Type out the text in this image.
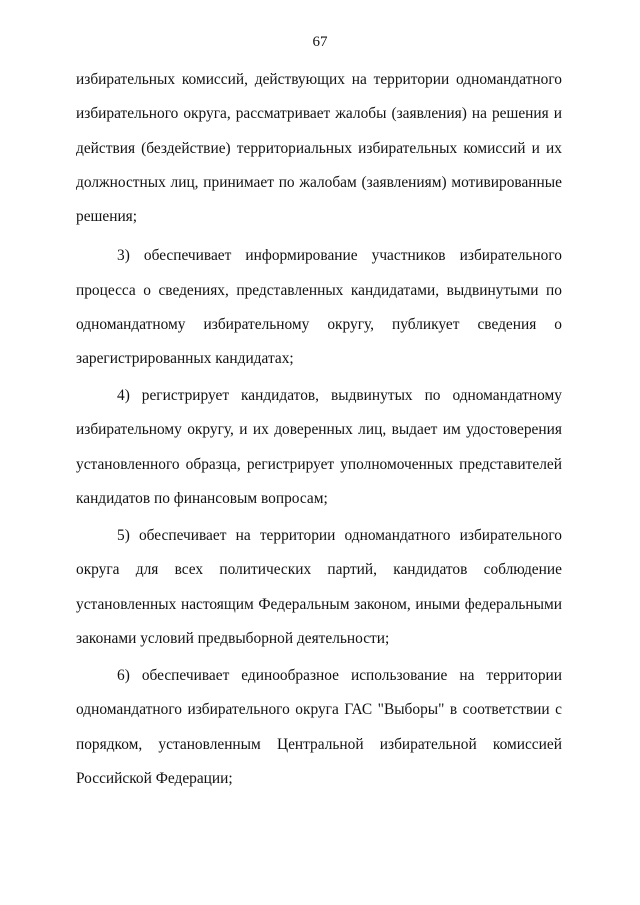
67
избирательных комиссий, действующих на территории одномандатного
избирательного округа, рассматривает жалобы (заявления) на решения и
действия (бездействие) территориальных избирательных комиссий и их
должностных лиц, принимает по жалобам (заявлениям) мотивированные
решения;
3) обеспечивает информирование участников избирательного
процесса о сведениях, представленных кандидатами, выдвинутыми по
одномандатному избирательному округу, публикует сведения о
зарегистрированных кандидатах;
4) регистрирует кандидатов, выдвинутых по одномандатному
избирательному округу, и их доверенных лиц, выдает им удостоверения
установленного образца, регистрирует уполномоченных представителей
кандидатов по финансовым вопросам;
5) обеспечивает на территории одномандатного избирательного
округа для всех политических партий, кандидатов соблюдение
установленных настоящим Федеральным законом, иными федеральными
законами условий предвыборной деятельности;
6) обеспечивает единообразное использование на территории
одномандатного избирательного округа ГАС "Выборы" в соответствии с
порядком, установленным Центральной избирательной комиссией
Российской Федерации;
